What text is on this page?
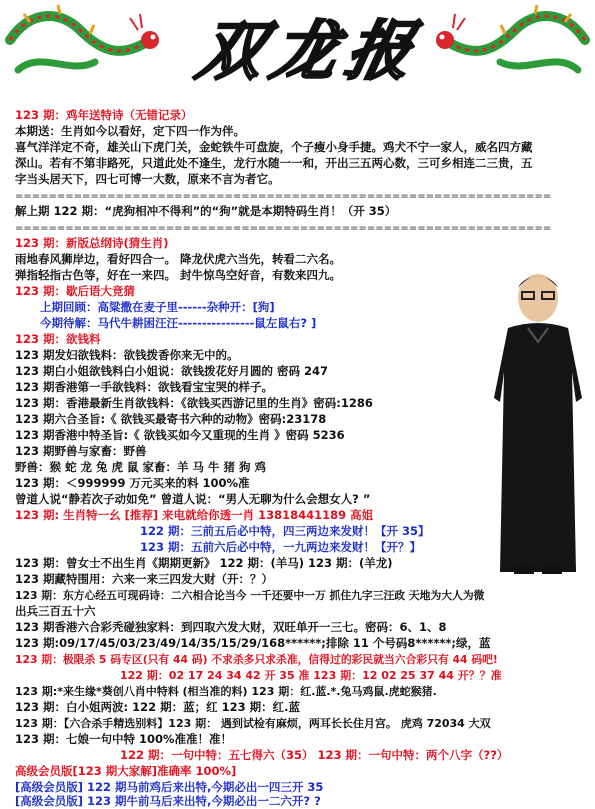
双龙报
123 期：鸡年送特诗（无错记录）
本期送：生肖如今以看好，定下四一作为伴。
喜气洋洋定不奇，雄关山下虎门关，金蛇铁牛可盘旋，个子瘦小身手捷。鸡犬不宁一家人，威名四方藏
深山。若有不第非路死，只道此处不逢生，龙行水随一一和，开出三五两心数，三可乡相连二三贵，五
字当头居天下，四七可博一大数，原来不言为者它。
================================================================
解上期 122 期：“虎狗相冲不得利”的“狗”就是本期特码生肖！（开 35）
================================================================
123 期：新版总纲诗(猜生肖)
雨地春风狮岸边，看好四合一。 降龙伏虎六当先，转看二六名。
弹指轻指古色等，好在一来四。 封牛惊鸟空好音，有数来四九。
123 期：歇后语大竞猜
上期回顾：高粱撒在麦子里------杂种开：[狗]
今期待解：马代牛耕困汪汪----------------鼠左鼠右? ]
123 期：欲钱料
123 期发妇欲钱料：欲钱拨香你来无中的。
123 期白小姐欲钱料白小姐说：欲钱拨花好月圆的 密码 247
123 期香港第一手欲钱料：欲钱看宝宝哭的样子。
123 期：香港最新生肖欲钱料：《欲钱买西游记里的生肖》密码:1286
123 期六合圣旨:《 欲钱买最寄书六种的动物》密码:23178
123 期香港中特圣旨:《 欲钱买如今又重现的生肖 》密码 5236
123 期野兽与家畜：野兽
野兽：猴 蛇 龙 兔 虎 鼠 家畜：羊 马 牛 猪 狗 鸡
123 期：＜999999 万元买来的料 100%准
曾道人说“静若次子动如免” 曾道人说：“男人无聊为什么会想女人? ”
123 期: 生肖特一幺 [推荐] 来电就给你透一肖 13818441189 高姐
122 期：三前五后必中特，四三两边来发财！【开 35】
123 期：五前六后必中特，一九两边来发财！【开？】
123 期：曾女士不出生肖《期期更新》 122 期：(羊马) 123 期：(羊龙)
123 期藏特围用：六来一来三四发大财（开：？）
123 期：东方心经五可现码诗：二六相合论当今 一千还要中一万 抓住九字三汪政 天地为大人为微
出兵三百五十六
123 期香港六合彩秃碰独家料：到四取六发大财，双旺单开一三七。密码：6、1、8
123 期:09/17/45/03/23/49/14/35/15/29/168******;排除 11 个号码8******;绿，蓝
123 期：极限杀 5 码专区(只有 44 码) 不求杀多只求杀准，信得过的彩民就当六合彩只有 44 码吧!
122 期：02 17 24 34 42 开 35 准 123 期：12 02 25 37 44 开？？准
123 期:*来生缘*葵创八肖中特料 (相当准的料) 123 期：红.蓝.*.兔马鸡鼠.虎蛇猴猪.
123 期：白小姐两波: 122 期：蓝；红 123 期：红.蓝
123 期：【六合杀手精选别料】123 期： 遇到试检有麻烦，两耳长长住月宫。 虎鸡 72034 大双
123 期：七娘一句中特 100%准准！准！
122 期：一句中特：五七得六（35） 123 期：一句中特：两个八字（??）
高级会员版[123 期大家解]准确率 100%]
[高级会员版] 122 期马前鸡后来出特,今期必出一四三开 35
[高级会员版] 123 期牛前马后来出特,今期必出一二六开? ?
